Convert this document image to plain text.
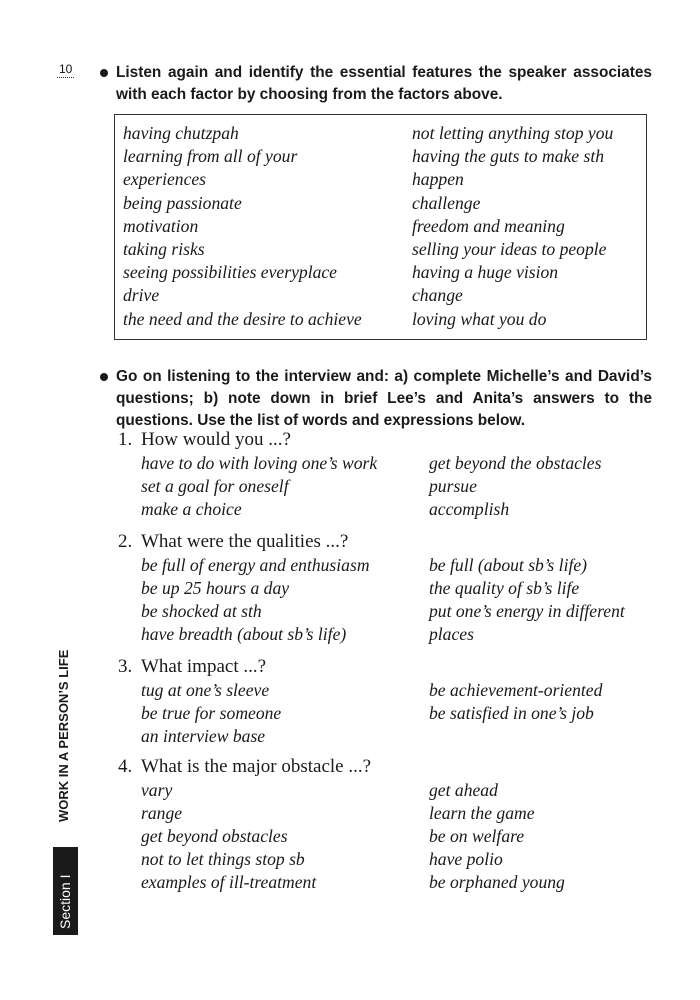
10	Listen again and identify the essential features the speaker associates with each factor by choosing from the factors above.
having chutzpah
learning from all of your
experiences
being passionate
motivation
taking risks
seeing possibilities everyplace
drive
the need and the desire to achieve
not letting anything stop you
having the guts to make sth
happen
challenge
freedom and meaning
selling your ideas to people
having a huge vision
change
loving what you do
Go on listening to the interview and: a) complete Michelle’s and David’s questions; b) note down in brief Lee’s and Anita’s answers to the questions. Use the list of words and expressions below.
1. How would you ...?
have to do with loving one’s work
set a goal for oneself
make a choice
get beyond the obstacles
pursue
accomplish
2. What were the qualities ...?
be full of energy and enthusiasm
be up 25 hours a day
be shocked at sth
have breadth (about sb’s life)
be full (about sb’s life)
the quality of sb’s life
put one’s energy in different
places
3. What impact ...?
tug at one’s sleeve
be true for someone
an interview base
be achievement-oriented
be satisfied in one’s job
4. What is the major obstacle ...?
vary
range
get beyond obstacles
not to let things stop sb
examples of ill-treatment
get ahead
learn the game
be on welfare
have polio
be orphaned young
WORK IN A PERSON’S LIFE
Section I
